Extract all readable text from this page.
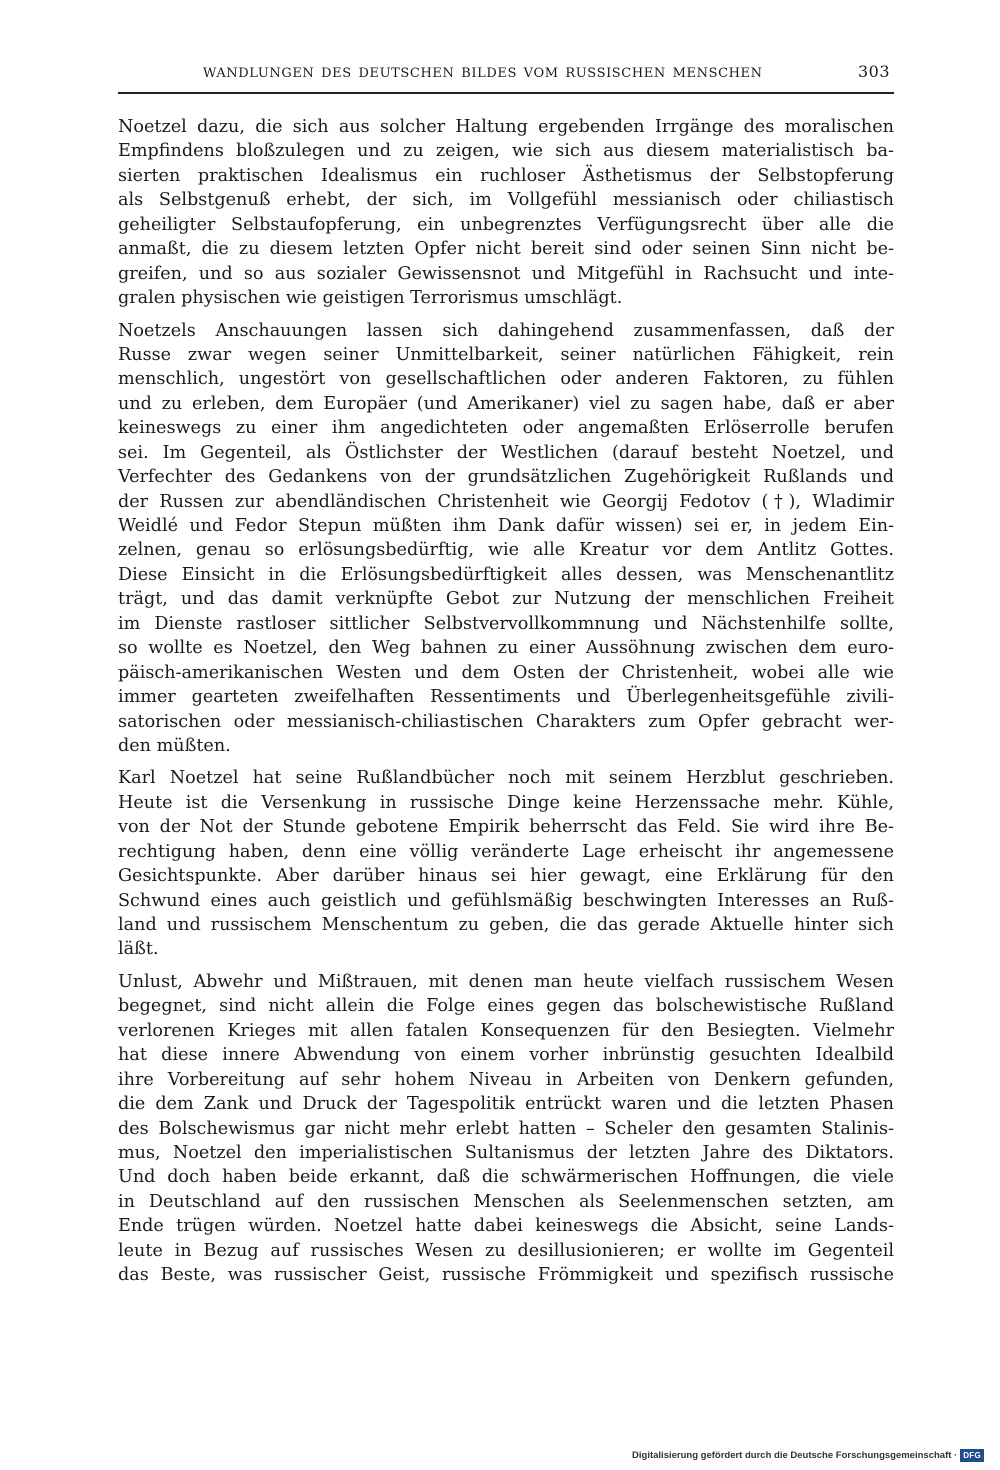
WANDLUNGEN DES DEUTSCHEN BILDES VOM RUSSISCHEN MENSCHEN	303
Noetzel dazu, die sich aus solcher Haltung ergebenden Irrgänge des moralischen
Empfindens bloßzulegen und zu zeigen, wie sich aus diesem materialistisch ba-
sierten praktischen Idealismus ein ruchloser Ästhetismus der Selbstopferung
als Selbstgenuß erhebt, der sich, im Vollgefühl messianisch oder chiliastisch
geheiligter Selbstaufopferung, ein unbegrenztes Verfügungsrecht über alle die
anmaßt, die zu diesem letzten Opfer nicht bereit sind oder seinen Sinn nicht be-
greifen, und so aus sozialer Gewissensnot und Mitgefühl in Rachsucht und inte-
gralen physischen wie geistigen Terrorismus umschlägt.
Noetzels Anschauungen lassen sich dahingehend zusammenfassen, daß der
Russe zwar wegen seiner Unmittelbarkeit, seiner natürlichen Fähigkeit, rein
menschlich, ungestört von gesellschaftlichen oder anderen Faktoren, zu fühlen
und zu erleben, dem Europäer (und Amerikaner) viel zu sagen habe, daß er aber
keineswegs zu einer ihm angedichteten oder angemaßten Erlöserrolle berufen
sei. Im Gegenteil, als Östlichster der Westlichen (darauf besteht Noetzel, und
Verfechter des Gedankens von der grundsätzlichen Zugehörigkeit Rußlands und
der Russen zur abendländischen Christenheit wie Georgij Fedotov (†), Wladimir
Weidlé und Fedor Stepun müßten ihm Dank dafür wissen) sei er, in jedem Ein-
zelnen, genau so erlösungsbedürftig, wie alle Kreatur vor dem Antlitz Gottes.
Diese Einsicht in die Erlösungsbedürftigkeit alles dessen, was Menschenantlitz
trägt, und das damit verknüpfte Gebot zur Nutzung der menschlichen Freiheit
im Dienste rastloser sittlicher Selbstvervollkommnung und Nächstenhilfe sollte,
so wollte es Noetzel, den Weg bahnen zu einer Aussöhnung zwischen dem euro-
päisch-amerikanischen Westen und dem Osten der Christenheit, wobei alle wie
immer gearteten zweifelhaften Ressentiments und Überlegenheitsgefühle zivili-
satorischen oder messianisch-chiliastischen Charakters zum Opfer gebracht wer-
den müßten.
Karl Noetzel hat seine Rußlandbücher noch mit seinem Herzblut geschrieben.
Heute ist die Versenkung in russische Dinge keine Herzenssache mehr. Kühle,
von der Not der Stunde gebotene Empirik beherrscht das Feld. Sie wird ihre Be-
rechtigung haben, denn eine völlig veränderte Lage erheischt ihr angemessene
Gesichtspunkte. Aber darüber hinaus sei hier gewagt, eine Erklärung für den
Schwund eines auch geistlich und gefühlsmäßig beschwingten Interesses an Ruß-
land und russischem Menschentum zu geben, die das gerade Aktuelle hinter sich
läßt.
Unlust, Abwehr und Mißtrauen, mit denen man heute vielfach russischem Wesen
begegnet, sind nicht allein die Folge eines gegen das bolschewistische Rußland
verlorenen Krieges mit allen fatalen Konsequenzen für den Besiegten. Vielmehr
hat diese innere Abwendung von einem vorher inbrünstig gesuchten Idealbild
ihre Vorbereitung auf sehr hohem Niveau in Arbeiten von Denkern gefunden,
die dem Zank und Druck der Tagespolitik entrückt waren und die letzten Phasen
des Bolschewismus gar nicht mehr erlebt hatten – Scheler den gesamten Stalinis-
mus, Noetzel den imperialistischen Sultanismus der letzten Jahre des Diktators.
Und doch haben beide erkannt, daß die schwärmerischen Hoffnungen, die viele
in Deutschland auf den russischen Menschen als Seelenmenschen setzten, am
Ende trügen würden. Noetzel hatte dabei keineswegs die Absicht, seine Lands-
leute in Bezug auf russisches Wesen zu desillusionieren; er wollte im Gegenteil
das Beste, was russischer Geist, russische Frömmigkeit und spezifisch russische
Digitalisierung gefördert durch die Deutsche Forschungsgemeinschaft · DFG
